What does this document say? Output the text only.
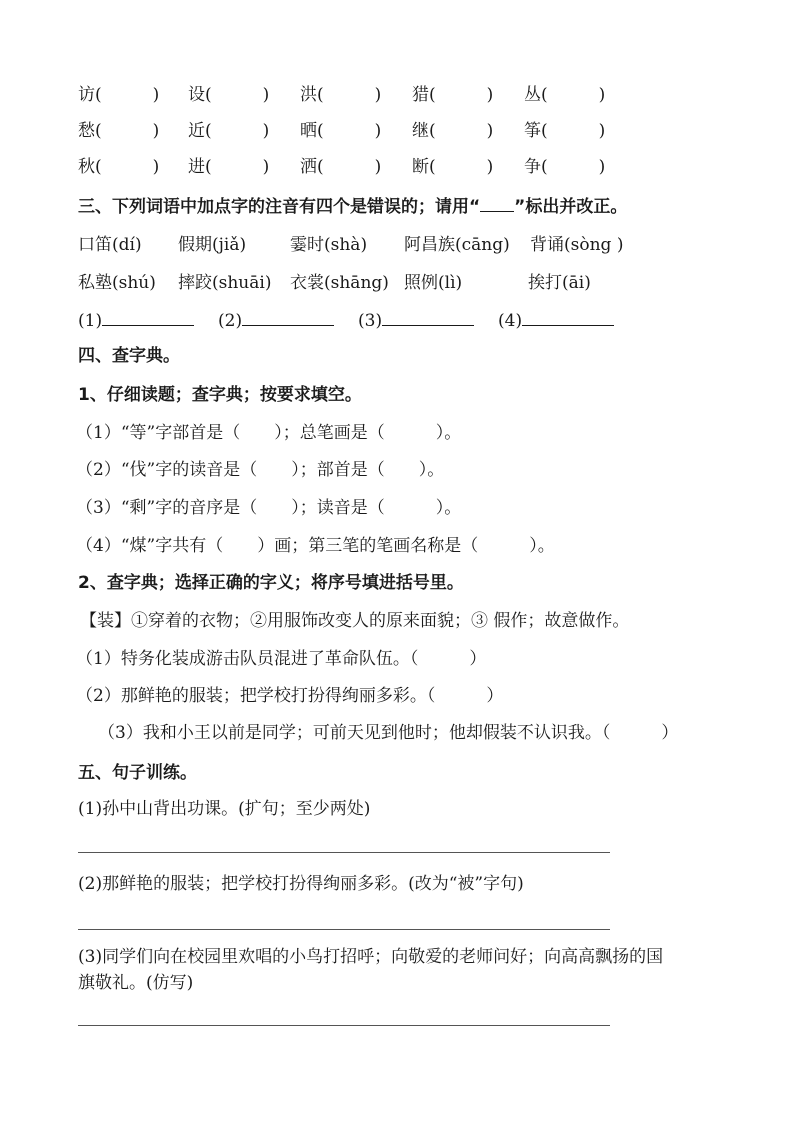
访(　　　) 设(　　　) 洪(　　　) 猎(　　　) 丛(　　　)
愁(　　　) 近(　　　) 晒(　　　) 继(　　　) 筝(　　　)
秋(　　　) 进(　　　) 洒(　　　) 断(　　　) 争(　　　)
三、下列词语中加点字的注音有四个是错误的；请用“ ”标出并改正。
口笛(dí) 假期(jiǎ)	霎时(shà) 阿昌族(cāng) 背诵(sòng )
私塾(shú) 摔跤(shuāi) 衣裳(shāng) 照例(lì)	挨打(āi)
(1)	(2)	(3)	(4)
四、查字典。
1、仔细读题；查字典；按要求填空。
（1）“等”字部首是（　　）；总笔画是（　　　）。
（2）“伐”字的读音是（　　）；部首是（　　）。
（3）“剩”字的音序是（　　）；读音是（　　　）。
（4）“煤”字共有（　　）画；第三笔的笔画名称是（　　　）。
2、查字典；选择正确的字义；将序号填进括号里。
【装】①穿着的衣物；②用服饰改变人的原来面貌；③ 假作；故意做作。
（1）特务化装成游击队员混进了革命队伍。（　　　）
（2）那鲜艳的服装；把学校打扮得绚丽多彩。（　　　）
（3）我和小王以前是同学；可前天见到他时；他却假装不认识我。（　　　）
五、句子训练。
(1)孙中山背出功课。(扩句；至少两处)
(2)那鲜艳的服装；把学校打扮得绚丽多彩。(改为“被”字句)
(3)同学们向在校园里欢唱的小鸟打招呼；向敬爱的老师问好；向高高飘扬的国
旗敬礼。(仿写)
